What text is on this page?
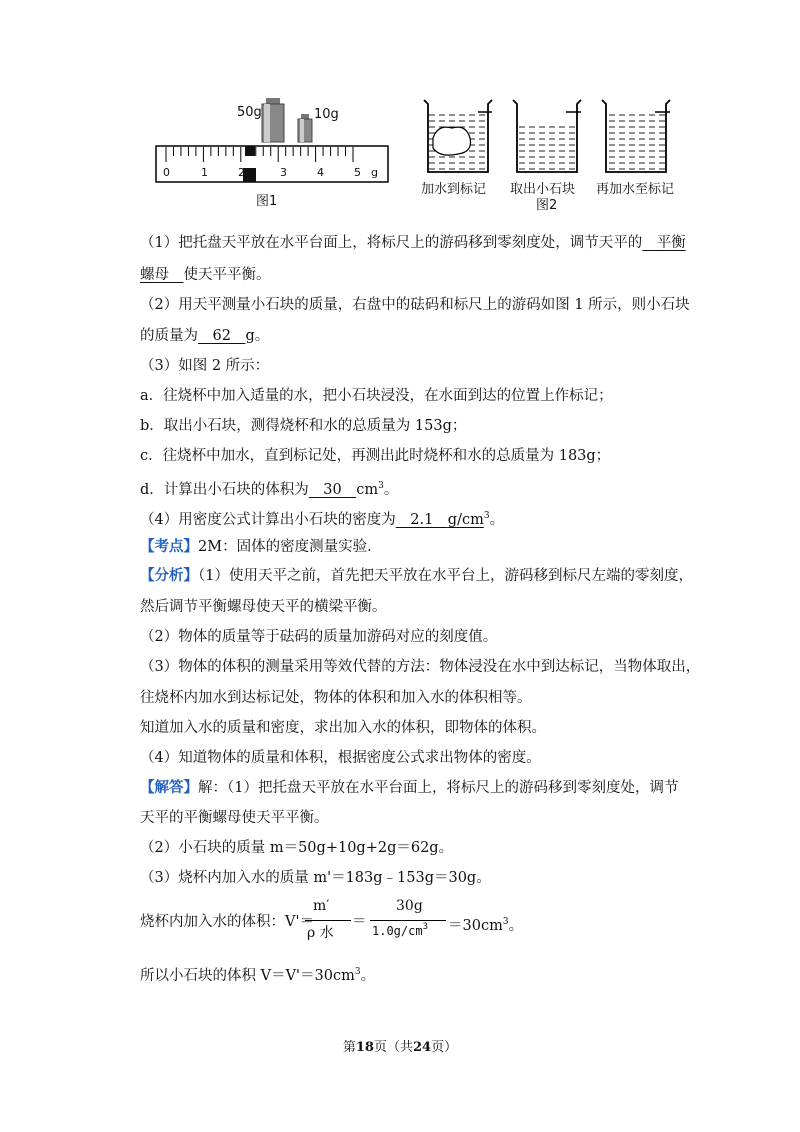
50g	10g
0	1	2	3	4	5 g
图1
加水到标记 取出小石块 再加水至标记
图2
（1）把托盘天平放在水平台面上，将标尺上的游码移到零刻度处，调节天平的　平衡
螺母　使天平平衡。
（2）用天平测量小石块的质量，右盘中的砝码和标尺上的游码如图 1 所示，则小石块
的质量为　62　g。
（3）如图 2 所示：
a．往烧杯中加入适量的水，把小石块浸没，在水面到达的位置上作标记；
b．取出小石块，测得烧杯和水的总质量为 153g；
c．往烧杯中加水，直到标记处，再测出此时烧杯和水的总质量为 183g；
d．计算出小石块的体积为　30　$cm^3$。
（4）用密度公式计算出小石块的密度为　2.1　$g/cm^3$。
【考点】2M：固体的密度测量实验．
【分析】（1）使用天平之前，首先把天平放在水平台上，游码移到标尺左端的零刻度，
然后调节平衡螺母使天平的横梁平衡。
（2）物体的质量等于砝码的质量加游码对应的刻度值。
（3）物体的体积的测量采用等效代替的方法：物体浸没在水中到达标记，当物体取出，
往烧杯内加水到达标记处，物体的体积和加入水的体积相等。
知道加入水的质量和密度，求出加入水的体积，即物体的体积。
（4）知道物体的质量和体积，根据密度公式求出物体的密度。
【解答】解：（1）把托盘天平放在水平台面上，将标尺上的游码移到零刻度处，调节
天平的平衡螺母使天平平衡。
（2）小石块的质量 m＝50g+10g+2g＝62g。
（3）烧杯内加入水的质量 m'＝183g﹣153g＝30g。
烧杯内加入水的体积：V'＝
m′
ρ 水
＝
30g
$1.0g/cm^3 =30cm^3$。
所以小石块的体积 $V=V'=30cm^3$。
第18页（共24页）
